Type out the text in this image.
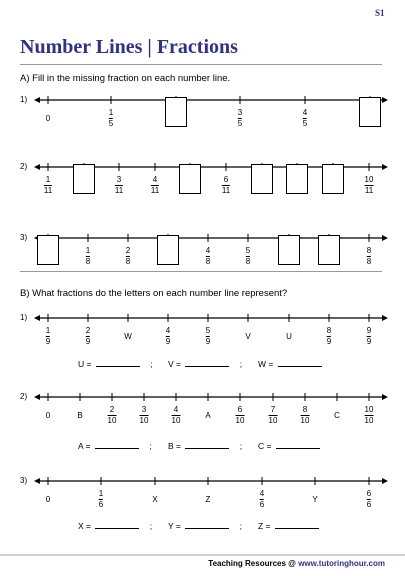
S1
Number Lines | Fractions
A) Fill in the missing fraction on each number line.
B) What fractions do the letters on each number line represent?
1)
0
1
5
3
5
4
5
2)
1
11
3
11
4
11
6
11
10
11
3)
1
8
2
8
4
8
5
8
8
8
1)
1
9
2
9
W
4
9
5
9
V	U
8
9
9
9
U =	; V =	; W =
2)
0	B
2
10
3
10
4
10
A
6
10
7
10
8
10
C
10
10
A =	; B =	; C =
3)
0
1
6
X	Z
4
6
Y
6
6
X =	; Y =	; Z =
Teaching Resources @ www.tutoringhour.com
